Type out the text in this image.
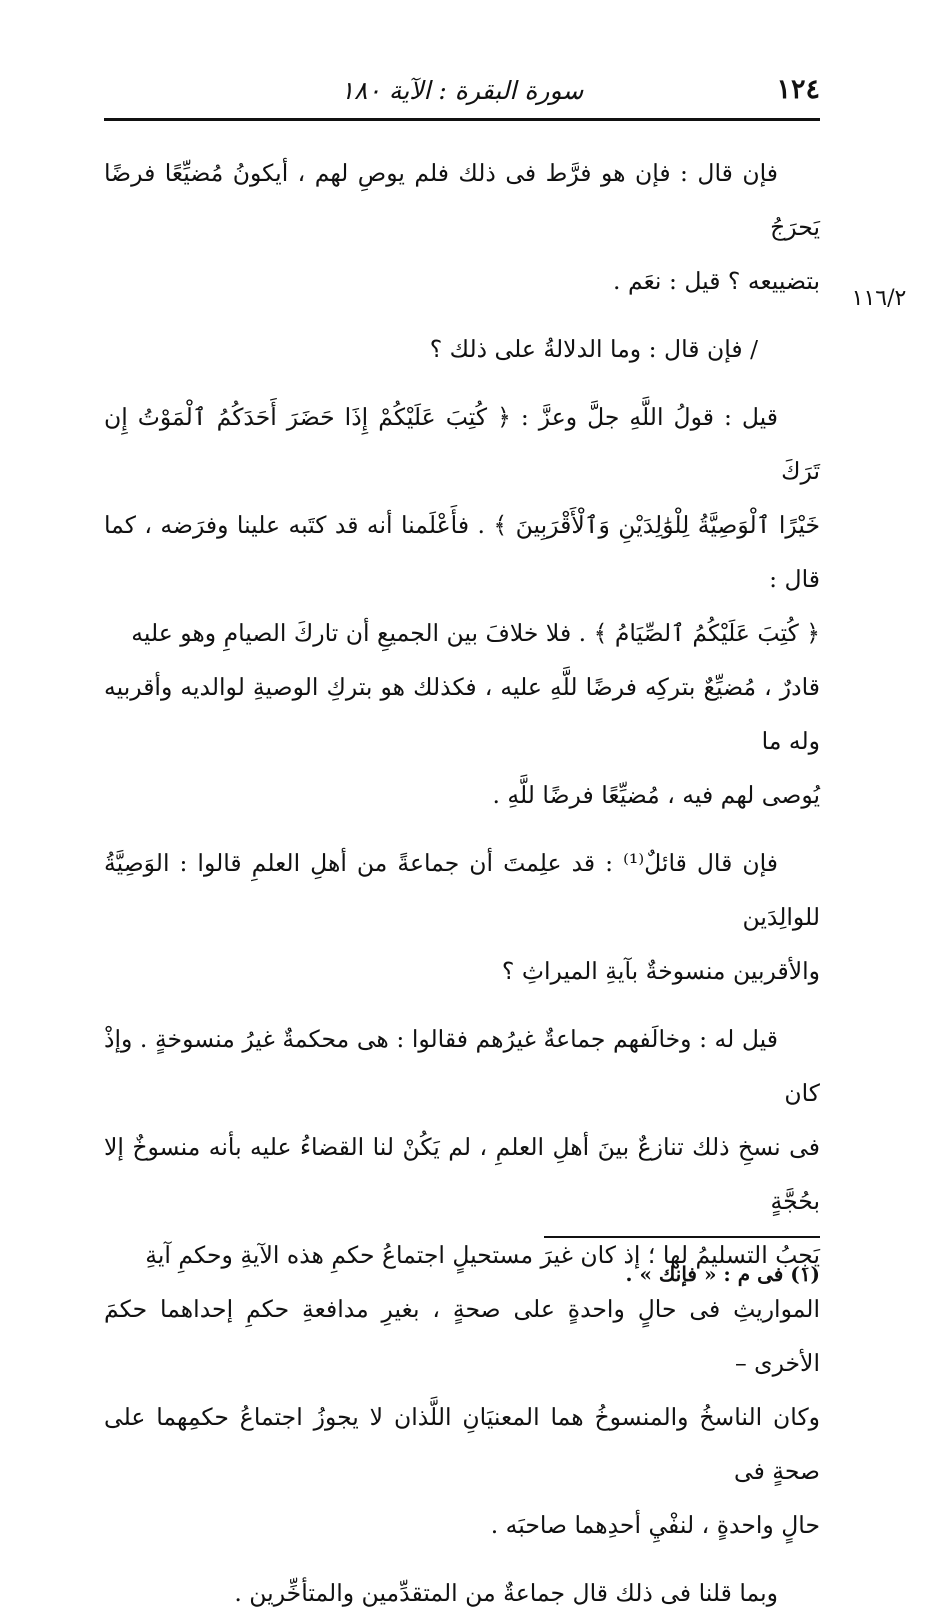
١٢٤
سورة البقرة : الآية ١٨٠
١١٦/٢

فإن قال : فإن هو فرَّط فى ذلك فلم يوصِ لهم ، أيكونُ مُضيِّعًا فرضًا يَحرَجُ

بتضييعه ؟ قيل : نعَم .

/ فإن قال : وما الدلالةُ على ذلك ؟

قيل : قولُ اللَّهِ جلَّ وعزَّ : ﴿ كُتِبَ عَلَيْكُمْ إِذَا حَضَرَ أَحَدَكُمُ ٱلْمَوْتُ إِن تَرَكَ

خَيْرًا ٱلْوَصِيَّةُ لِلْوَٰلِدَيْنِ وَٱلْأَقْرَبِينَ ﴾ . فأَعْلَمنا أنه قد كتَبه علينا وفرَضه ، كما قال :

﴿ كُتِبَ عَلَيْكُمُ ٱلصِّيَامُ ﴾ . فلا خلافَ بين الجميعِ أن تاركَ الصيامِ وهو عليه

قادرٌ ، مُضيِّعٌ بتركِه فرضًا للَّهِ عليه ، فكذلك هو بتركِ الوصيةِ لوالديه وأقربيه وله ما

يُوصى لهم فيه ، مُضيِّعًا فرضًا للَّهِ .

فإن قال قائلٌ⁽¹⁾ : قد علِمتَ أن جماعةً من أهلِ العلمِ قالوا : الوَصِيَّةُ للوالِدَين

والأقربين منسوخةٌ بآيةِ الميراثِ ؟

قيل له : وخالَفهم جماعةٌ غيرُهم فقالوا : هى محكمةٌ غيرُ منسوخةٍ . وإذْ كان

فى نسخِ ذلك تنازعٌ بينَ أهلِ العلمِ ، لم يَكُنْ لنا القضاءُ عليه بأنه منسوخٌ إلا بحُجَّةٍ

يَجِبُ التسليمُ لها ؛ إذ كان غيرَ مستحيلٍ اجتماعُ حكمِ هذه الآيةِ وحكمِ آيةِ

المواريثِ فى حالٍ واحدةٍ على صحةٍ ، بغيرِ مدافعةِ حكمِ إحداهما حكمَ الأخرى –

وكان الناسخُ والمنسوخُ هما المعنيَانِ اللَّذان لا يجوزُ اجتماعُ حكمِهما على صحةٍ فى

حالٍ واحدةٍ ، لنفْيِ أحدِهما صاحبَه .

وبما قلنا فى ذلك قال جماعةٌ من المتقدِّمين والمتأخِّرين .

(١) فى م : « فإنك » .
